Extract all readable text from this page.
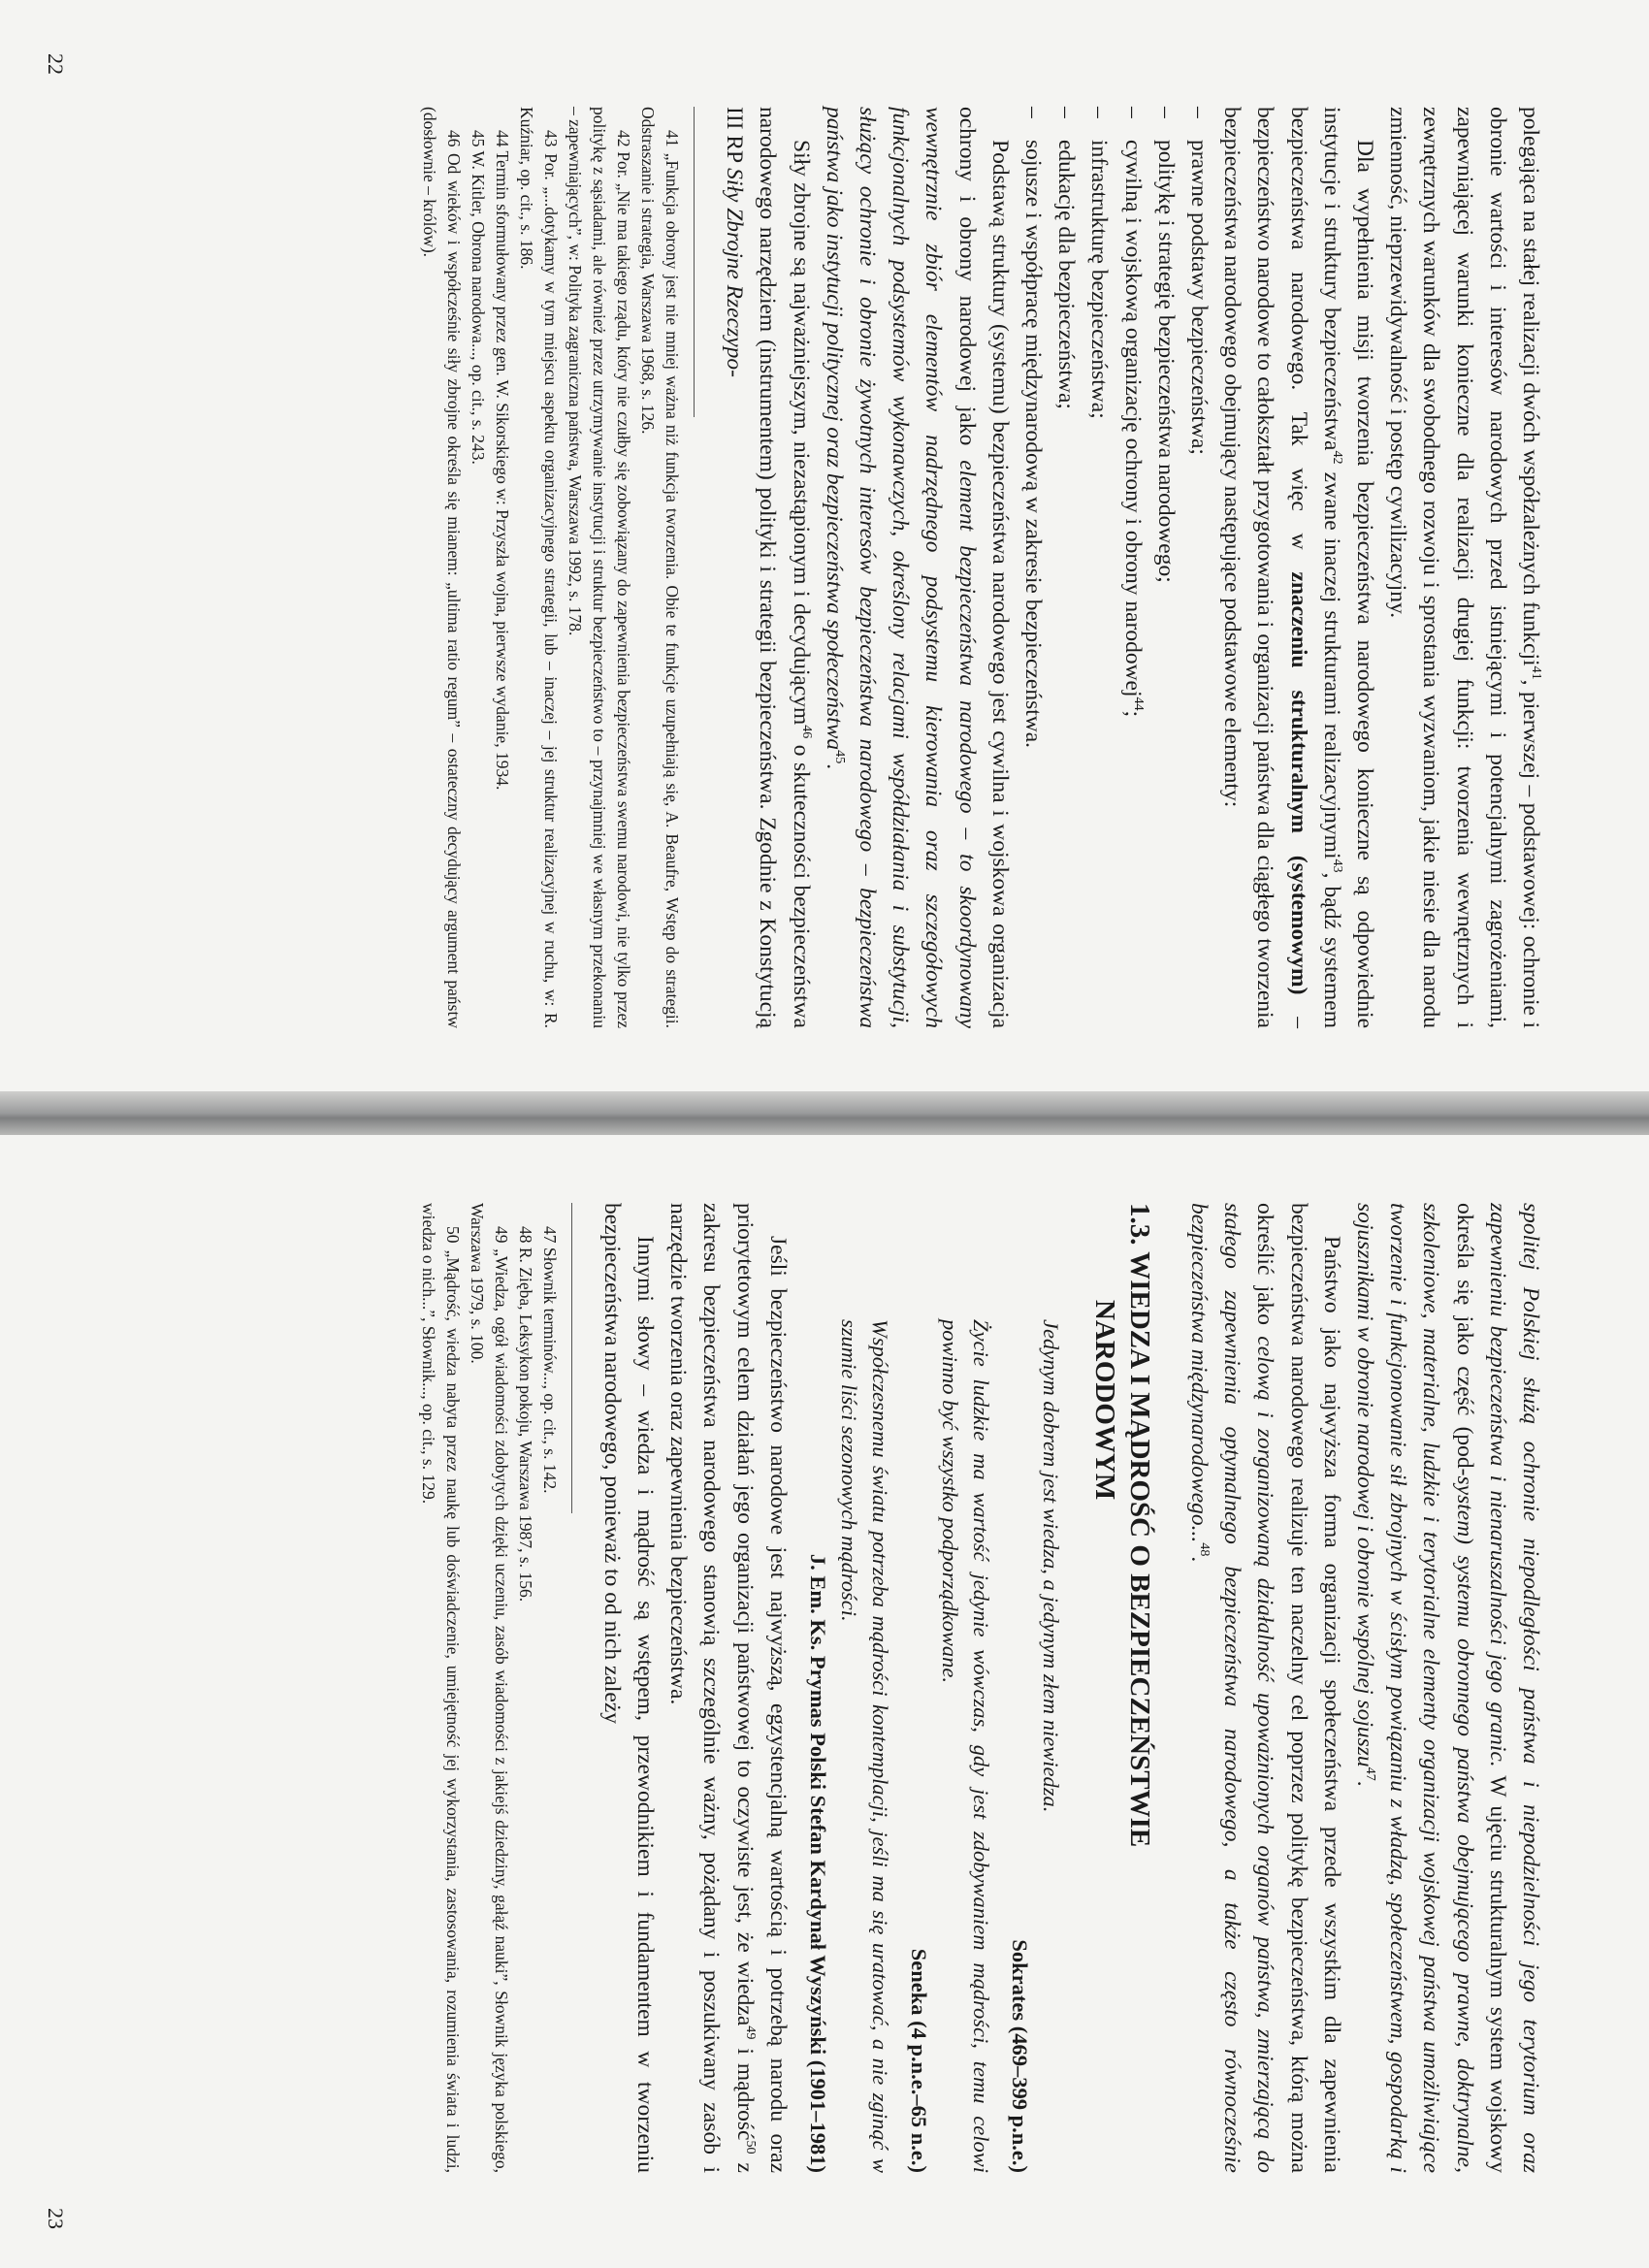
polegająca na stałej realizacji dwóch współzależnych funkcji$^{41}$, pierwszej – podstawowej: ochronie i obronie wartości i interesów narodowych przed istniejącymi i potencjalnymi zagrożeniami, zapewniającej warunki konieczne dla realizacji drugiej funkcji: tworzenia wewnętrznych i zewnętrznych warunków dla swobodnego rozwoju i sprostania wyzwaniom, jakie niesie dla narodu zmienność, nieprzewidywalność i postęp cywilizacyjny.

Dla wypełnienia misji tworzenia bezpieczeństwa narodowego konieczne są odpowiednie instytucje i struktury bezpieczeństwa$^{42}$ zwane inaczej strukturami realizacyjnymi$^{43}$, bądź systemem bezpieczeństwa narodowego. Tak więc w znaczeniu strukturalnym (systemowym) – bezpieczeństwo narodowe to całokształt przygotowania i organizacji państwa dla ciągłego tworzenia bezpieczeństwa narodowego obejmujący następujące podstawowe elementy:

–
prawne podstawy bezpieczeństwa;
–
politykę i strategię bezpieczeństwa narodowego;
–
cywilną i wojskową organizację ochrony i obrony narodowej$^{44}$;
–
infrastrukturę bezpieczeństwa;
–
edukację dla bezpieczeństwa;
–
sojusze i współpracę międzynarodową w zakresie bezpieczeństwa.

Podstawą struktury (systemu) bezpieczeństwa narodowego jest cywilna i wojskowa organizacja ochrony i obrony narodowej jako element bezpieczeństwa narodowego – to skoordynowany wewnętrznie zbiór elementów nadrzędnego podsystemu kierowania oraz szczegółowych funkcjonalnych podsystemów wykonawczych, określony relacjami współdziałania i substytucji, służący ochronie i obronie żywotnych interesów bezpieczeństwa narodowego – bezpieczeństwa państwa jako instytucji politycznej oraz bezpieczeństwa społeczeństwa$^{45}$.

Siły zbrojne są najważniejszym, niezastąpionym i decydującym$^{46}$ o skuteczności bezpieczeństwa narodowego narzędziem (instrumentem) polityki i strategii bezpieczeństwa. Zgodnie z Konstytucją III RP Siły Zbrojne Rzeczypo-

41 „Funkcja obrony jest nie mniej ważna niż funkcja tworzenia. Obie te funkcje uzupełniają się, A. Beaufre, Wstęp do strategii. Odstraszanie i strategia, Warszawa 1968, s. 126.

42 Por. „Nie ma takiego rządu, który nie czułby się zobowiązany do zapewnienia bezpieczeństwa swemu narodowi, nie tylko przez politykę z sąsiadami, ale również przez utrzymywanie instytucji i struktur bezpieczeństwo to – przynajmniej we własnym przekonaniu – zapewniających”, w: Polityka zagraniczna państwa, Warszawa 1992, s. 178.

43 Por. „...dotykamy w tym miejscu aspektu organizacyjnego strategii, lub – inaczej – jej struktur realizacyjnej w ruchu, w: R. Kuźniar, op. cit., s. 186.

44 Termin sformułowany przez gen. W. Sikorskiego w: Przyszła wojna, pierwsze wydanie, 1934.

45 W. Kitler, Obrona narodowa..., op. cit., s. 243.

46 Od wieków i współcześnie siły zbrojne określa się mianem: „ultima ratio regum” – ostateczny decydujący argument państw (dosłownie – królów).

22

spolitej Polskiej służą ochronie niepodległości państwa i niepodzielności jego terytorium oraz zapewnieniu bezpieczeństwa i nienaruszalności jego granic. W ujęciu strukturalnym system wojskowy określa się jako część (pod-system) systemu obronnego państwa obejmującego prawne, doktrynalne, szkoleniowe, materialne, ludzkie i terytorialne elementy organizacji wojskowej państwa umożliwiające tworzenie i funkcjonowanie sił zbrojnych w ścisłym powiązaniu z władzą, społeczeństwem, gospodarką i sojusznikami w obronie narodowej i obronie wspólnej sojuszu$^{47}$.

Państwo jako najwyższa forma organizacji społeczeństwa przede wszystkim dla zapewnienia bezpieczeństwa narodowego realizuje ten naczelny cel poprzez politykę bezpieczeństwa, którą można określić jako celową i zorganizowaną działalność upoważnionych organów państwa, zmierzającą do stałego zapewnienia optymalnego bezpieczeństwa narodowego, a także często równocześnie bezpieczeństwa międzynarodowego...$^{48}$.

1.3. WIEDZA I MĄDROŚĆ O BEZPIECZEŃSTWIE
NARODOWYM

Jedynym dobrem jest wiedza, a jedynym złem niewiedza.

Sokrates (469–399 p.n.e.)

Życie ludzkie ma wartość jedynie wówczas, gdy jest zdobywaniem mądrości, temu celowi powinno być wszystko podporządkowane.

Seneka (4 p.n.e.–65 n.e.)

Współczesnemu światu potrzeba mądrości kontemplacji, jeśli ma się uratować, a nie zginąć w szumie liści sezonowych mądrości.

J. Em. Ks. Prymas Polski Stefan Kardynał Wyszyński (1901–1981)

Jeśli bezpieczeństwo narodowe jest najwyższą, egzystencjalną wartością i potrzebą narodu oraz priorytetowym celem działań jego organizacji państwowej to oczywiste jest, że wiedza$^{49}$ i mądrość$^{50}$ z zakresu bezpieczeństwa narodowego stanowią szczególnie ważny, pożądany i poszukiwany zasób i narzędzie tworzenia oraz zapewnienia bezpieczeństwa.

Innymi słowy – wiedza i mądrość są wstępem, przewodnikiem i fundamentem w tworzeniu bezpieczeństwa narodowego, ponieważ to od nich zależy

47 Słownik terminów..., op. cit., s. 142.

48 R. Zięba, Leksykon pokoju, Warszawa 1987, s. 156.

49 „Wiedza, ogół wiadomości zdobytych dzięki uczeniu, zasób wiadomości z jakiejś dziedziny, gałąź nauki”, Słownik języka polskiego, Warszawa 1979, s. 100.

50 „Mądrość, wiedza nabyta przez naukę lub doświadczenie, umiejętność jej wykorzystania, zastosowania, rozumienia świata i ludzi, wiedza o nich...”, Słownik..., op. cit., s. 129.

23
